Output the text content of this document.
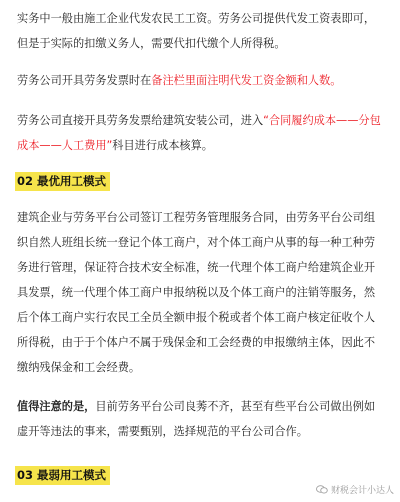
实务中一般由施工企业代发农民工工资。劳务公司提供代发工资表即可，但是于实际的扣缴义务人，需要代扣代缴个人所得税。

劳务公司开具劳务发票时在备注栏里面注明代发工资金额和人数。

劳务公司直接开具劳务发票给建筑安装公司，进入“合同履约成本——分包成本——人工费用”科目进行成本核算。

02 最优用工模式

建筑企业与劳务平台公司签订工程劳务管理服务合同，由劳务平台公司组织自然人班组长统一登记个体工商户，对个体工商户从事的每一种工种劳务进行管理，保证符合技术安全标准，统一代理个体工商户给建筑企业开具发票，统一代理个体工商户申报纳税以及个体工商户的注销等服务，然后个体工商户实行农民工全员全额申报个税或者个体工商户核定征收个人所得税，由于于个体户不属于残保金和工会经费的申报缴纳主体，因此不缴纳残保金和工会经费。

值得注意的是，目前劳务平台公司良莠不齐，甚至有些平台公司做出例如虚开等违法的事来，需要甄别，选择规范的平台公司合作。

03 最弱用工模式
财税会计小达人
